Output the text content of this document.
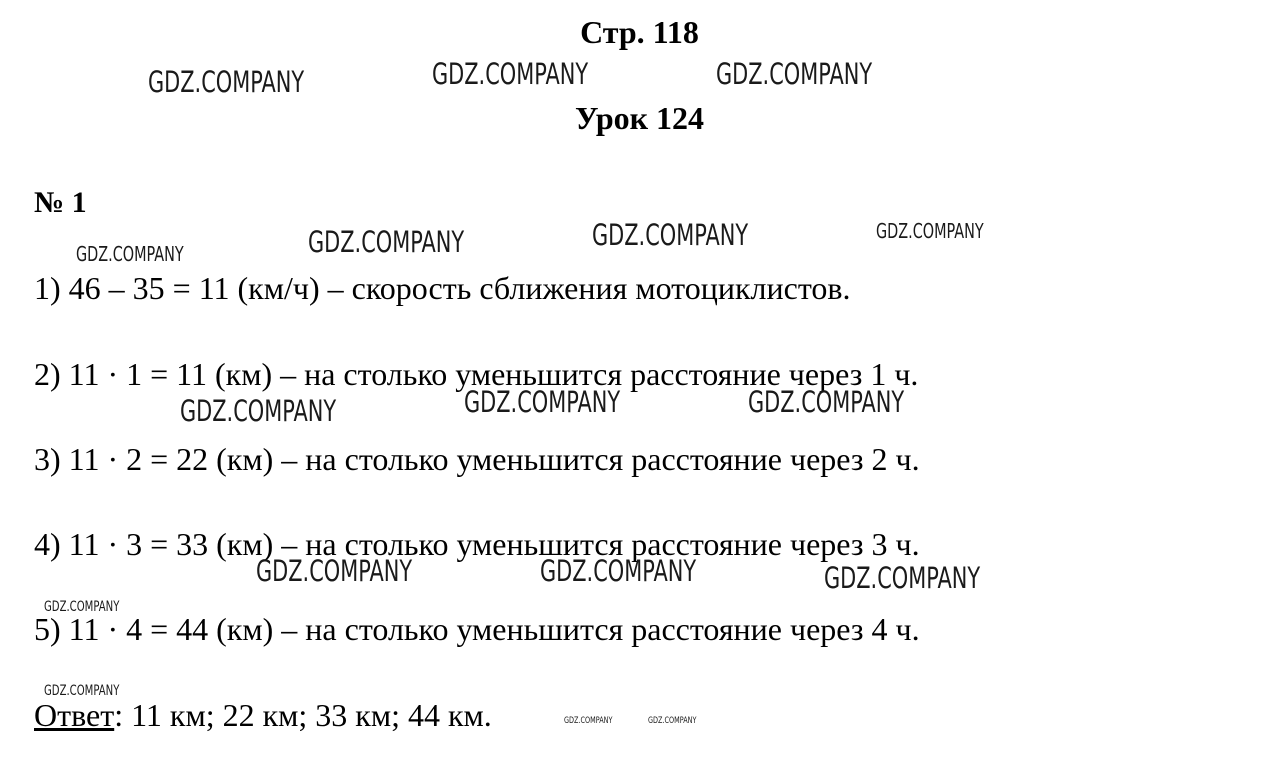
Стр. 118
Урок 124
№ 1
1) 46 – 35 = 11 (км/ч) – скорость сближения мотоциклистов.
2) 11 · 1 = 11 (км) – на столько уменьшится расстояние через 1 ч.
3) 11 · 2 = 22 (км) – на столько уменьшится расстояние через 2 ч.
4) 11 · 3 = 33 (км) – на столько уменьшится расстояние через 3 ч.
5) 11 · 4 = 44 (км) – на столько уменьшится расстояние через 4 ч.
Ответ: 11 км; 22 км; 33 км; 44 км.
GDZ.COMPANY	GDZ.COMPANY	GDZ.COMPANY
GDZ.COMPANY	GDZ.COMPANY	GDZ.COMPANY	GDZ.COMPANY
GDZ.COMPANY	GDZ.COMPANY	GDZ.COMPANY
GDZ.COMPANY	GDZ.COMPANY	GDZ.COMPANY
GDZ.COMPANY
GDZ.COMPANY
GDZ.COMPANY	GDZ.COMPANY
